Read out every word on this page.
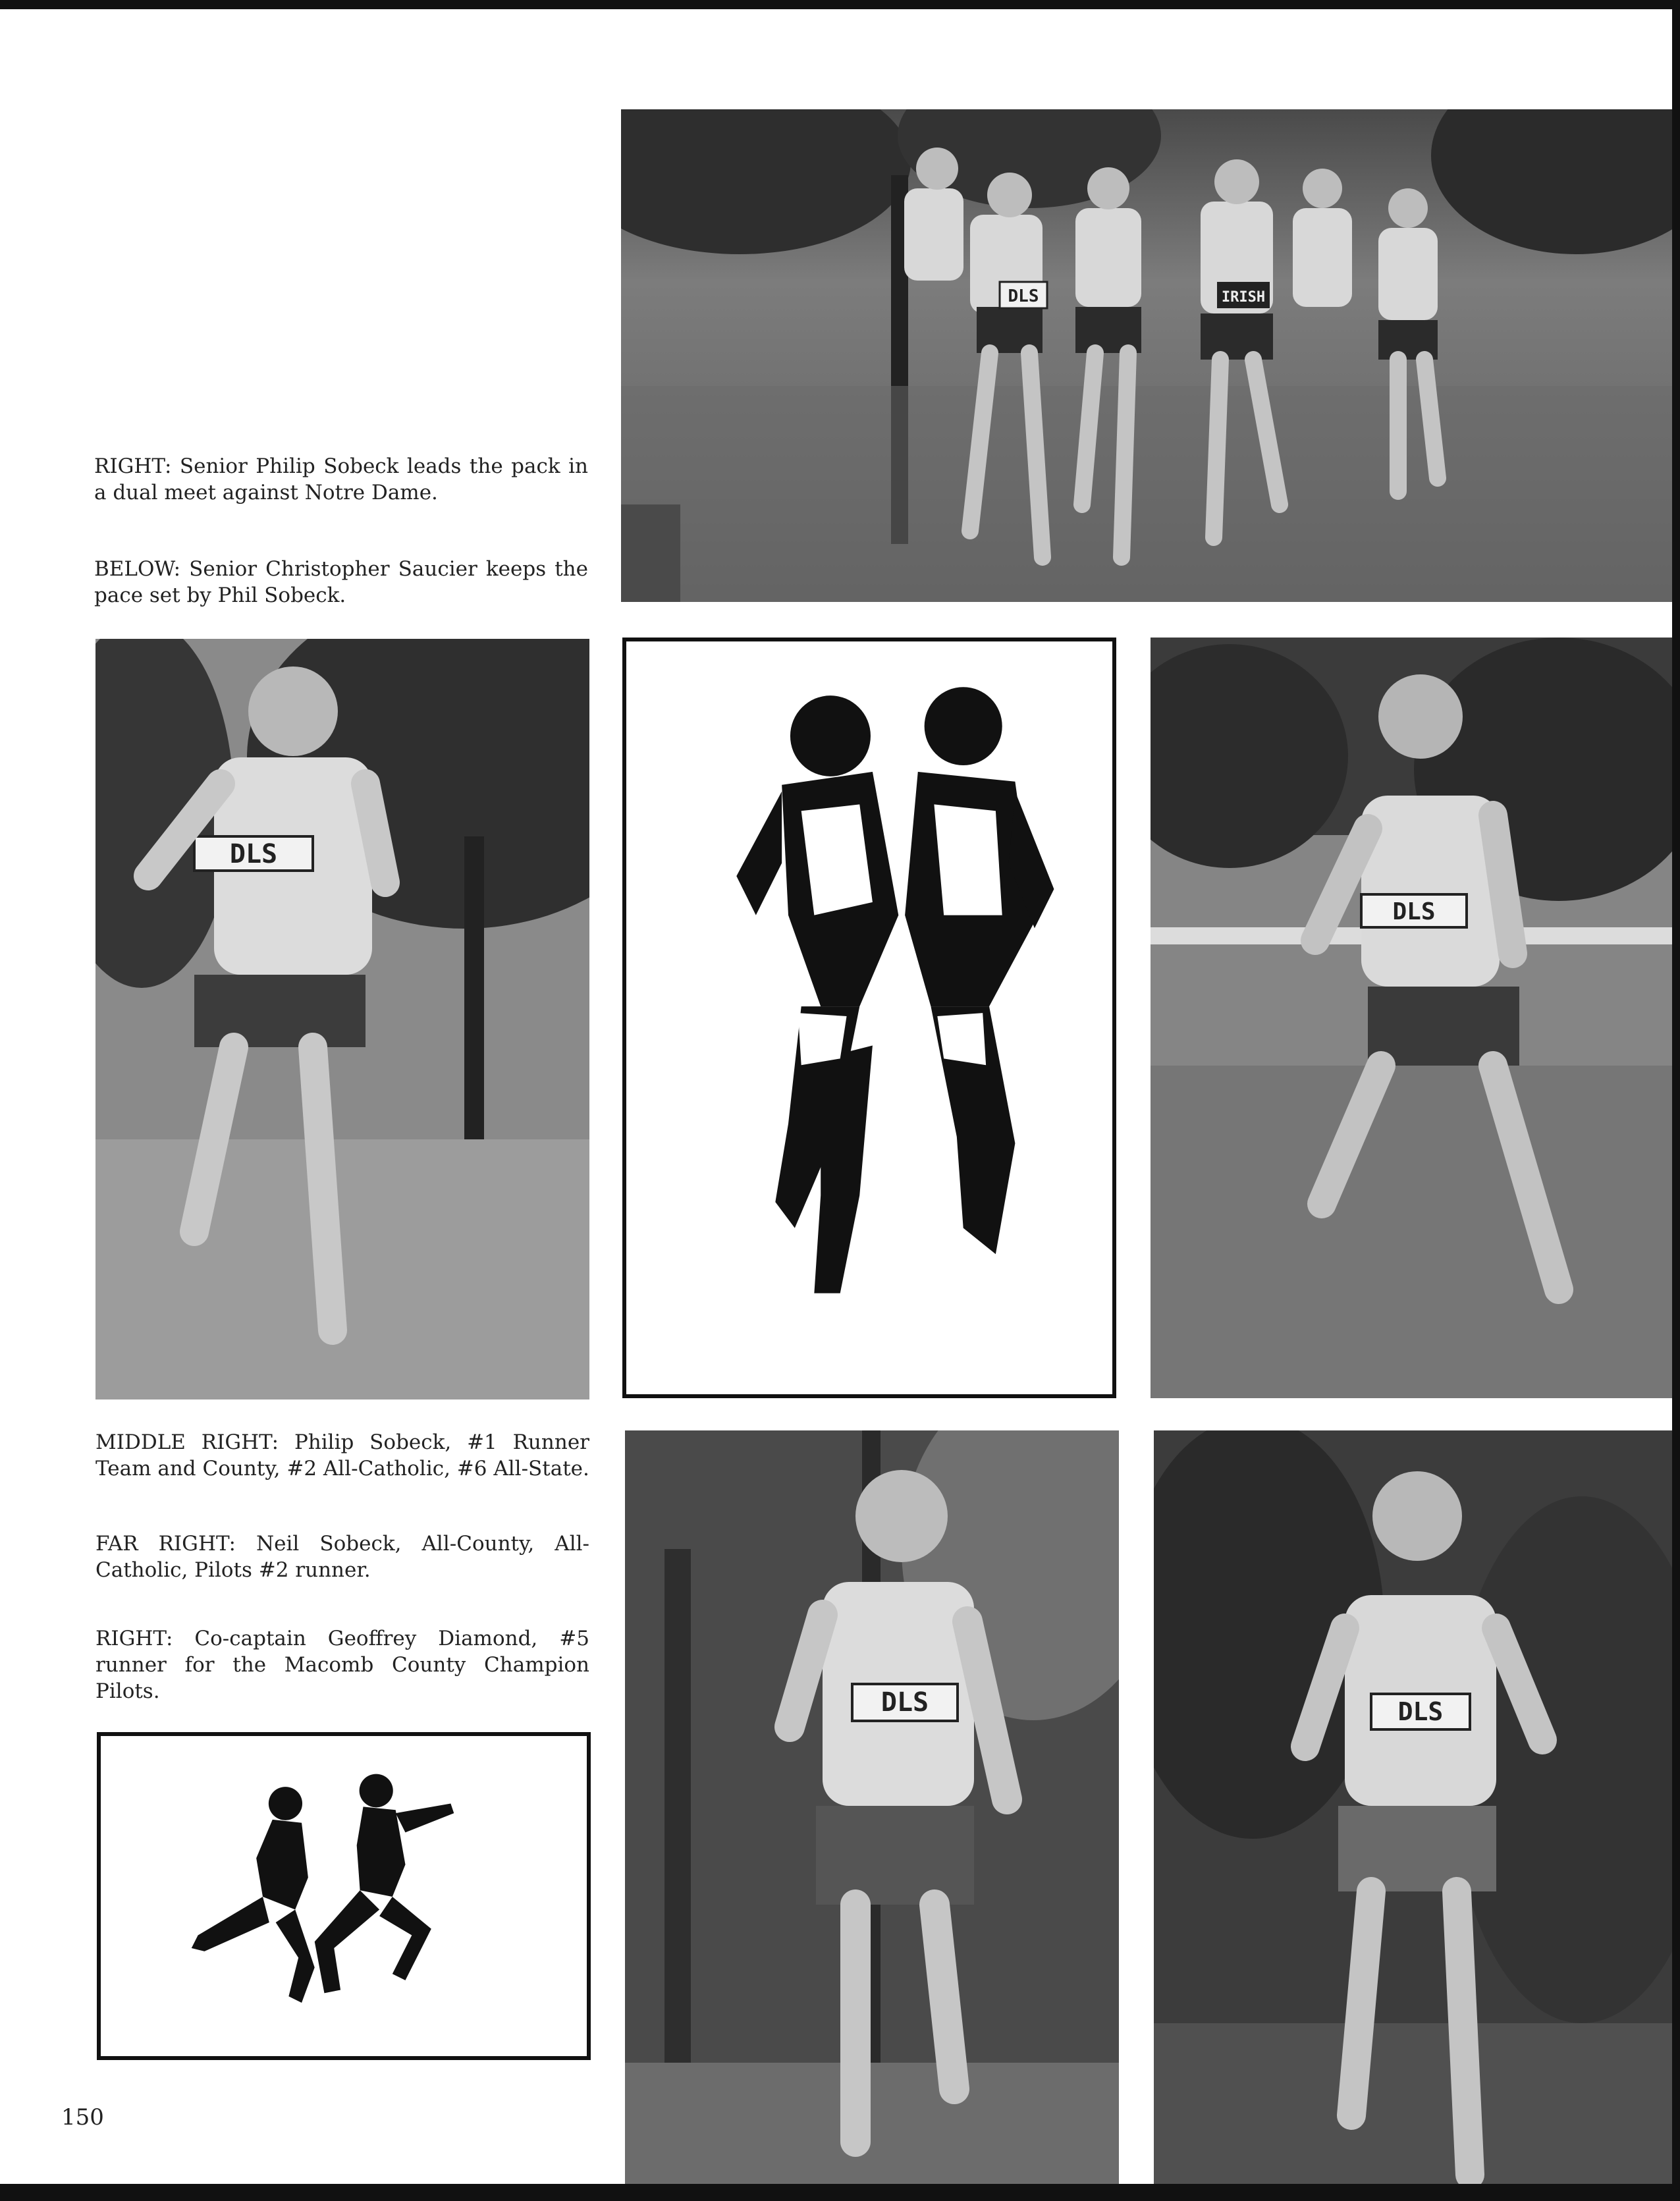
DLS	IRISH

RIGHT: Senior Philip Sobeck leads the pack in a dual meet against Notre Dame.

BELOW: Senior Christopher Saucier keeps the pace set by Phil Sobeck.

DLS
DLS

MIDDLE RIGHT: Philip Sobeck, #1 Runner Team and County, #2 All-Catholic, #6 All-State.

FAR RIGHT: Neil Sobeck, All-County, All-Catholic, Pilots #2 runner.

RIGHT: Co-captain Geoffrey Diamond, #5 runner for the Macomb County Champion Pilots.	DLS	DLS
150
